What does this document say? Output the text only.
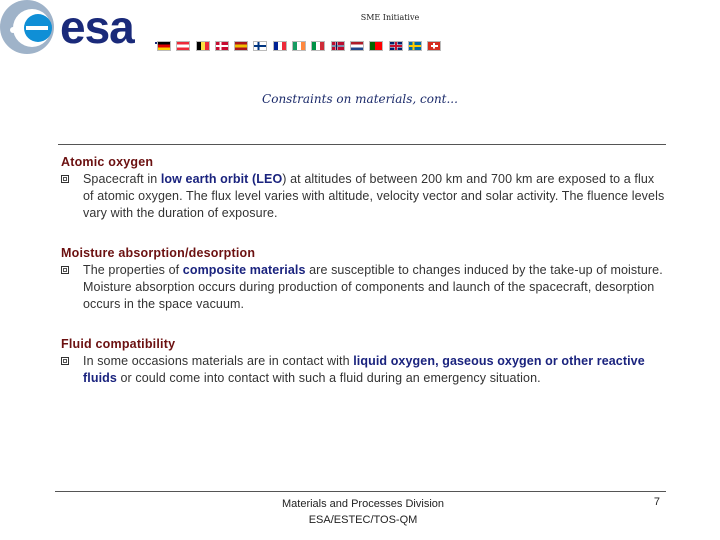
esa	SME Initiative
Constraints on materials, cont...
Atomic oxygen
Spacecraft in low earth orbit (LEO) at altitudes of between 200 km and 700 km are exposed to a flux of atomic oxygen. The flux level varies with altitude, velocity vector and solar activity. The fluence levels vary with the duration of exposure.
Moisture absorption/desorption
The properties of composite materials are susceptible to changes induced by the take-up of moisture. Moisture absorption occurs during production of components and launch of the spacecraft, desorption occurs in the space vacuum.
Fluid compatibility
In some occasions materials are in contact with liquid oxygen, gaseous oxygen or other reactive fluids or could come into contact with such a fluid during an emergency situation.
Materials and Processes Division
ESA/ESTEC/TOS-QM
7
